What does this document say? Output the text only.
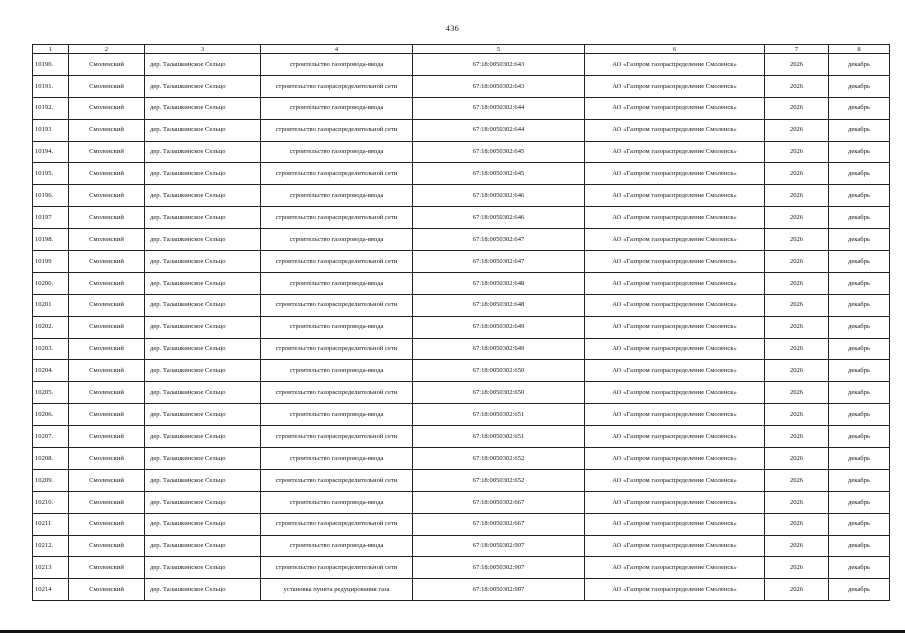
436
1	2	3	4	5	6	7	8
10190.	Смоленский	дер. Талашкинское Сельцо	строительство газопровода-ввода	67:18:0050302:643	АО «Газпром газораспределение Смоленск»	2026	декабрь
10191.	Смоленский	дер. Талашкинское Сельцо	строительство газораспределительной сети	67:18:0050302:643	АО «Газпром газораспределение Смоленск»	2026	декабрь
10192.	Смоленский	дер. Талашкинское Сельцо	строительство газопровода-ввода	67:18:0050302:644	АО «Газпром газораспределение Смоленск»	2026	декабрь
10193	Смоленский	дер. Талашкинское Сельцо	строительство газораспределительной сети	67:18:0050302:644	АО «Газпром газораспределение Смоленск»	2026	декабрь
10194.	Смоленский	дер. Талашкинское Сельцо	строительство газопровода-ввода	67:18:0050302:645	АО «Газпром газораспределение Смоленск»	2026	декабрь
10195.	Смоленский	дер. Талашкинское Сельцо	строительство газораспределительной сети	67:18:0050302:645	АО «Газпром газораспределение Смоленск»	2026	декабрь
10196.	Смоленский	дер. Талашкинское Сельцо	строительство газопровода-ввода	67:18:0050302:646	АО «Газпром газораспределение Смоленск»	2026	декабрь
10197	Смоленский	дер. Талашкинское Сельцо	строительство газораспределительной сети	67:18:0050302:646	АО «Газпром газораспределение Смоленск»	2026	декабрь
10198.	Смоленский	дер. Талашкинское Сельцо	строительство газопровода-ввода	67:18:0050302:647	АО «Газпром газораспределение Смоленск»	2026	декабрь
10199	Смоленский	дер. Талашкинское Сельцо	строительство газораспределительной сети	67:18:0050302:647	АО «Газпром газораспределение Смоленск»	2026	декабрь
10200.	Смоленский	дер. Талашкинское Сельцо	строительство газопровода-ввода	67:18:0050302:648	АО «Газпром газораспределение Смоленск»	2026	декабрь
10201	Смоленский	дер. Талашкинское Сельцо	строительство газораспределительной сети	67:18:0050302:648	АО «Газпром газораспределение Смоленск»	2026	декабрь
10202.	Смоленский	дер. Талашкинское Сельцо	строительство газопровода-ввода	67:18:0050302:649	АО «Газпром газораспределение Смоленск»	2026	декабрь
10203.	Смоленский	дер. Талашкинское Сельцо	строительство газораспределительной сети	67:18:0050302:649	АО «Газпром газораспределение Смоленск»	2026	декабрь
10204.	Смоленский	дер. Талашкинское Сельцо	строительство газопровода-ввода	67:18:0050302:650	АО «Газпром газораспределение Смоленск»	2026	декабрь
10205.	Смоленский	дер. Талашкинское Сельцо	строительство газораспределительной сети	67:18:0050302:650	АО «Газпром газораспределение Смоленск»	2026	декабрь
10206.	Смоленский	дер. Талашкинское Сельцо	строительство газопровода-ввода	67:18:0050302:651	АО «Газпром газораспределение Смоленск»	2026	декабрь
10207.	Смоленский	дер. Талашкинское Сельцо	строительство газораспределительной сети	67:18:0050302:651	АО «Газпром газораспределение Смоленск»	2026	декабрь
10208.	Смоленский	дер. Талашкинское Сельцо	строительство газопровода-ввода	67:18:0050302:652	АО «Газпром газораспределение Смоленск»	2026	декабрь
10209.	Смоленский	дер. Талашкинское Сельцо	строительство газораспределительной сети	67:18:0050302:652	АО «Газпром газораспределение Смоленск»	2026	декабрь
10210.	Смоленский	дер. Талашкинское Сельцо	строительство газопровода-ввода	67:18:0050302:667	АО «Газпром газораспределение Смоленск»	2026	декабрь
10211	Смоленский	дер. Талашкинское Сельцо	строительство газораспределительной сети	67:18:0050302:667	АО «Газпром газораспределение Смоленск»	2026	декабрь
10212.	Смоленский	дер. Талашкинское Сельцо	строительство газопровода-ввода	67:18:0050302:907	АО «Газпром газораспределение Смоленск»	2026	декабрь
10213	Смоленский	дер. Талашкинское Сельцо	строительство газораспределительной сети	67:18:0050302:907	АО «Газпром газораспределение Смоленск»	2026	декабрь
10214	Смоленский	дер. Талашкинское Сельцо	установка пункта редуцирования газа	67:18:0050302:907	АО «Газпром газораспределение Смоленск»	2026	декабрь
